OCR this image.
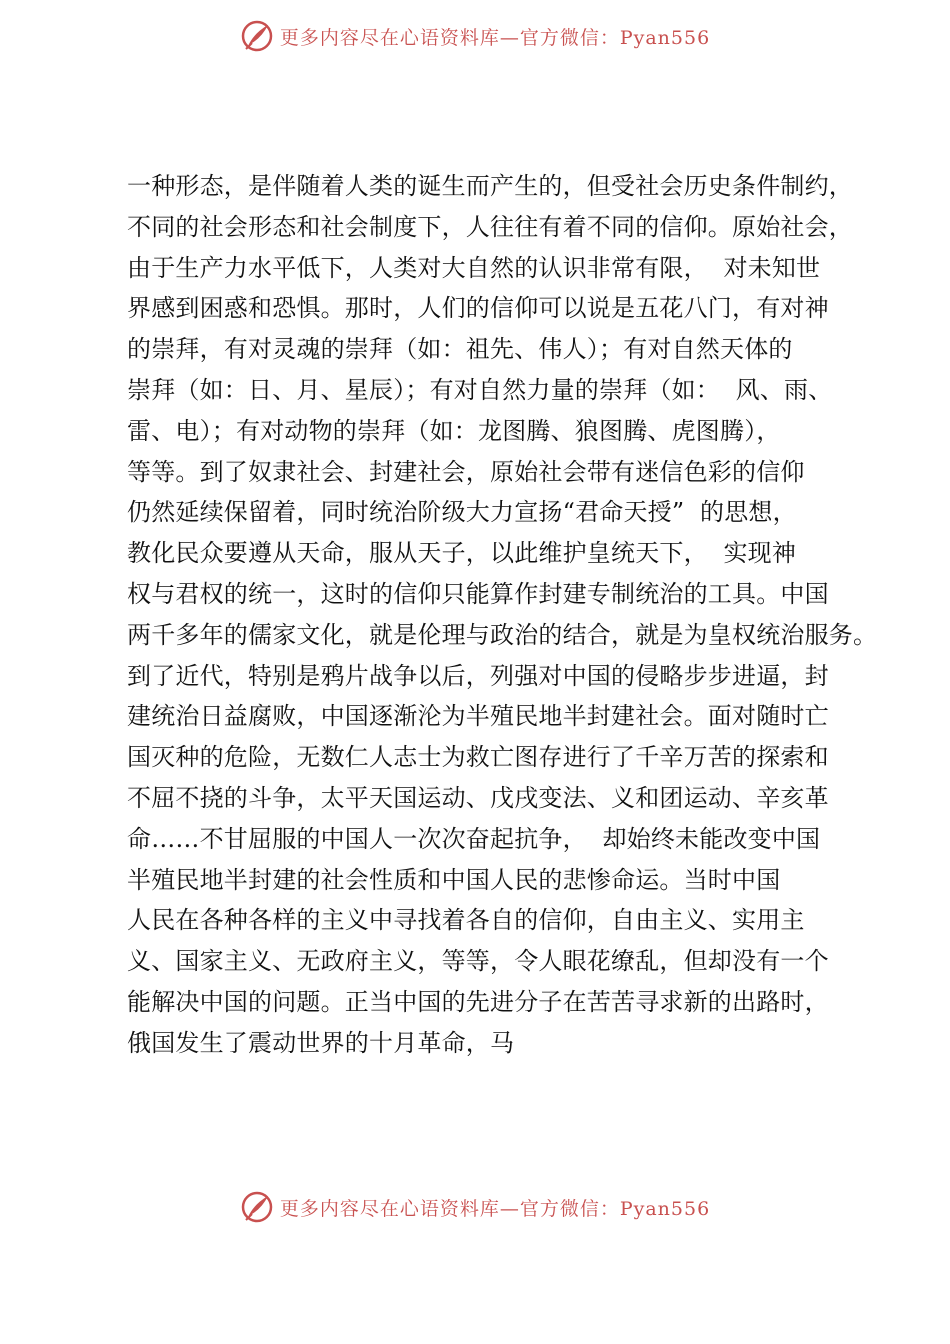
更多内容尽在心语资料库—官方微信：Pyan556
一种形态，是伴随着人类的诞生而产生的，但受社会历史条件制约，
不同的社会形态和社会制度下，人往往有着不同的信仰。原始社会，
由于生产力水平低下，人类对大自然的认识非常有限，  对未知世
界感到困惑和恐惧。那时，人们的信仰可以说是五花八门，有对神
的崇拜，有对灵魂的崇拜（如：祖先、伟人）；有对自然天体的
崇拜（如：日、月、星辰）；有对自然力量的崇拜（如：  风、雨、
雷、电）；有对动物的崇拜（如：龙图腾、狼图腾、虎图腾），
等等。到了奴隶社会、封建社会，原始社会带有迷信色彩的信仰
仍然延续保留着，同时统治阶级大力宣扬“君命天授”  的思想，
教化民众要遵从天命，服从天子，以此维护皇统天下，  实现神
权与君权的统一，这时的信仰只能算作封建专制统治的工具。中国
两千多年的儒家文化，就是伦理与政治的结合，就是为皇权统治服务。
到了近代，特别是鸦片战争以后，列强对中国的侵略步步进逼，封
建统治日益腐败，中国逐渐沦为半殖民地半封建社会。面对随时亡
国灭种的危险，无数仁人志士为救亡图存进行了千辛万苦的探索和
不屈不挠的斗争，太平天国运动、戊戌变法、义和团运动、辛亥革
命……不甘屈服的中国人一次次奋起抗争，  却始终未能改变中国
半殖民地半封建的社会性质和中国人民的悲惨命运。当时中国
人民在各种各样的主义中寻找着各自的信仰，自由主义、实用主
义、国家主义、无政府主义，等等，令人眼花缭乱，但却没有一个
能解决中国的问题。正当中国的先进分子在苦苦寻求新的出路时，
俄国发生了震动世界的十月革命，马
更多内容尽在心语资料库—官方微信：Pyan556
